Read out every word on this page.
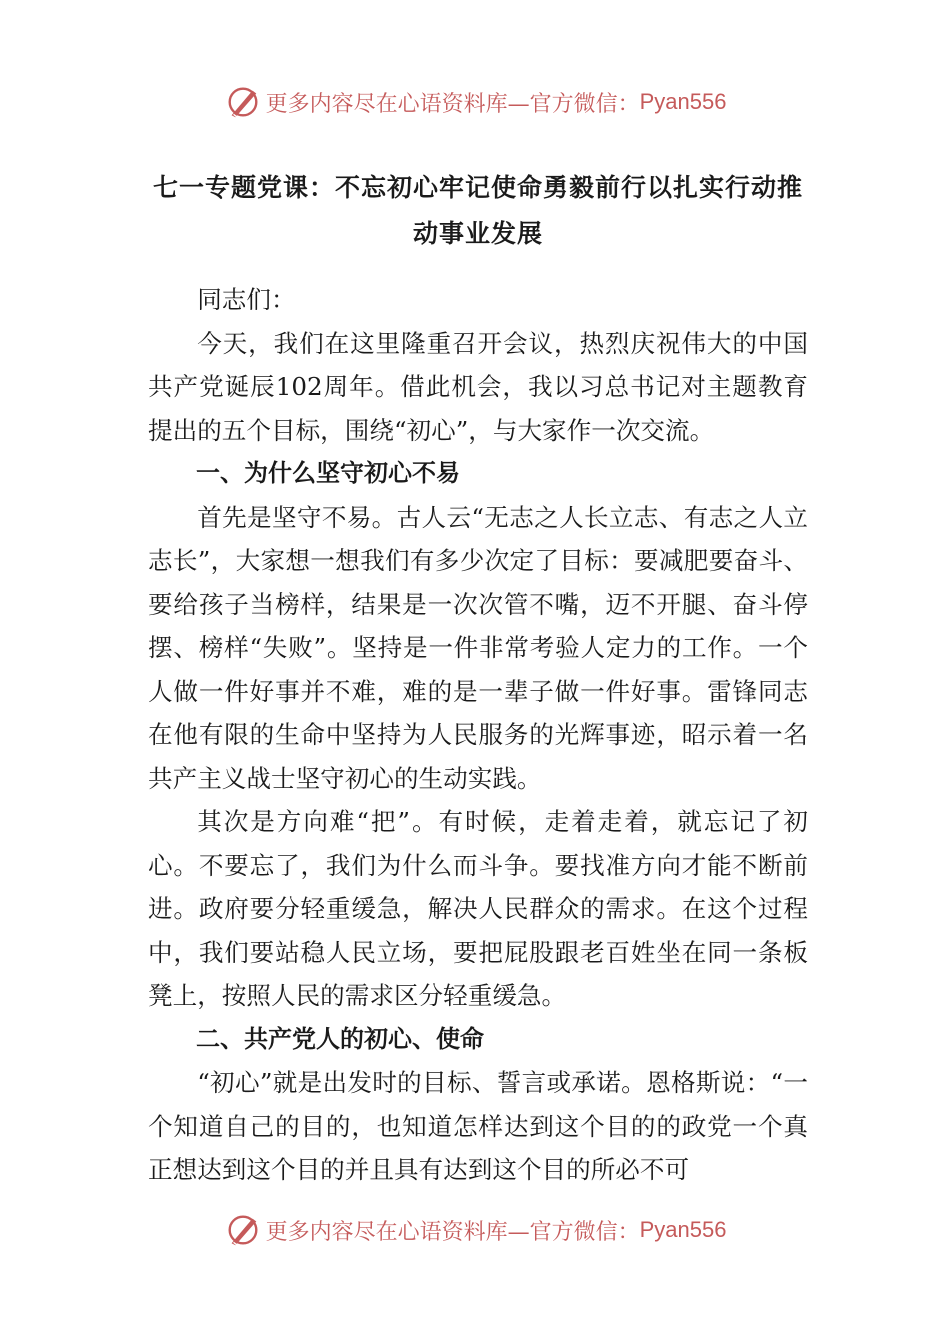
更多内容尽在心语资料库—官方微信： Pyan556
七一专题党课：不忘初心牢记使命勇毅前行以扎实行动推动事业发展

同志们：

今天，我们在这里隆重召开会议，热烈庆祝伟大的中国共产党诞辰102周年。借此机会，我以习总书记对主题教育提出的五个目标，围绕“初心”，与大家作一次交流。

一、为什么坚守初心不易

首先是坚守不易。古人云“无志之人长立志、有志之人立志长”，大家想一想我们有多少次定了目标：要减肥要奋斗、要给孩子当榜样，结果是一次次管不嘴，迈不开腿、奋斗停摆、榜样“失败”。坚持是一件非常考验人定力的工作。一个人做一件好事并不难，难的是一辈子做一件好事。雷锋同志在他有限的生命中坚持为人民服务的光辉事迹，昭示着一名共产主义战士坚守初心的生动实践。

其次是方向难“把”。有时候，走着走着，就忘记了初心。不要忘了，我们为什么而斗争。要找准方向才能不断前进。政府要分轻重缓急，解决人民群众的需求。在这个过程中，我们要站稳人民立场，要把屁股跟老百姓坐在同一条板凳上，按照人民的需求区分轻重缓急。

二、共产党人的初心、使命

“初心”就是出发时的目标、誓言或承诺。恩格斯说：“一个知道自己的目的，也知道怎样达到这个目的的政党一个真正想达到这个目的并且具有达到这个目的所必不可

更多内容尽在心语资料库—官方微信： Pyan556
